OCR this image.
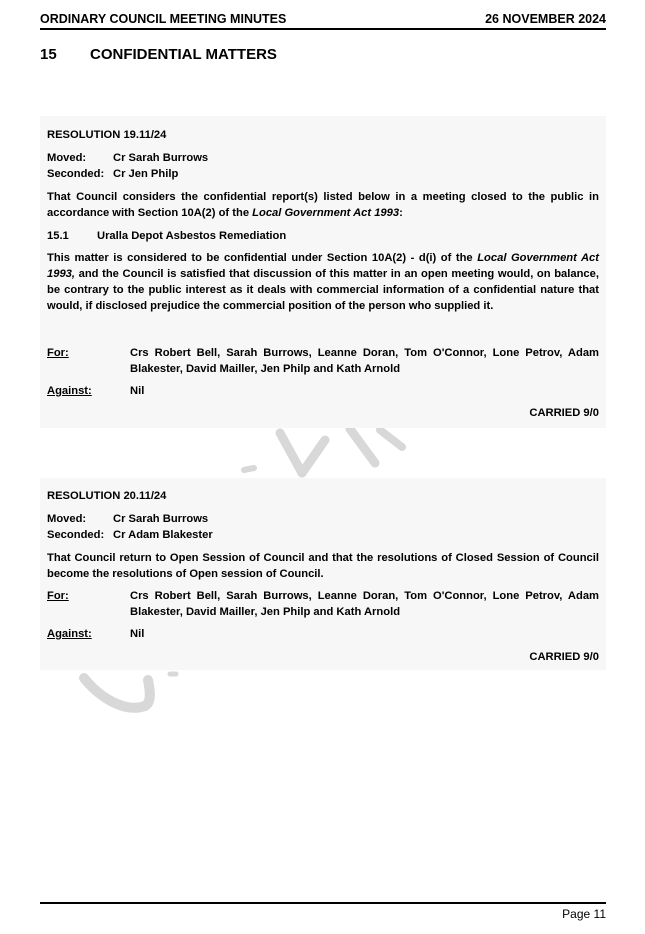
ORDINARY COUNCIL MEETING MINUTES	26 NOVEMBER 2024
15 CONFIDENTIAL MATTERS
RESOLUTION 19.11/24
Moved: Cr Sarah Burrows
Seconded: Cr Jen Philp
That Council considers the confidential report(s) listed below in a meeting closed to the public in accordance with Section 10A(2) of the Local Government Act 1993:
15.1	Uralla Depot Asbestos Remediation
This matter is considered to be confidential under Section 10A(2) - d(i) of the Local Government Act 1993, and the Council is satisfied that discussion of this matter in an open meeting would, on balance, be contrary to the public interest as it deals with commercial information of a confidential nature that would, if disclosed prejudice the commercial position of the person who supplied it.
For:	Crs Robert Bell, Sarah Burrows, Leanne Doran, Tom O'Connor, Lone Petrov, Adam Blakester, David Mailler, Jen Philp and Kath Arnold
Against:	Nil
CARRIED 9/0
RESOLUTION 20.11/24
Moved: Cr Sarah Burrows
Seconded: Cr Adam Blakester
That Council return to Open Session of Council and that the resolutions of Closed Session of Council become the resolutions of Open session of Council.
For:	Crs Robert Bell, Sarah Burrows, Leanne Doran, Tom O'Connor, Lone Petrov, Adam Blakester, David Mailler, Jen Philp and Kath Arnold
Against:	Nil
CARRIED 9/0
Page 11
